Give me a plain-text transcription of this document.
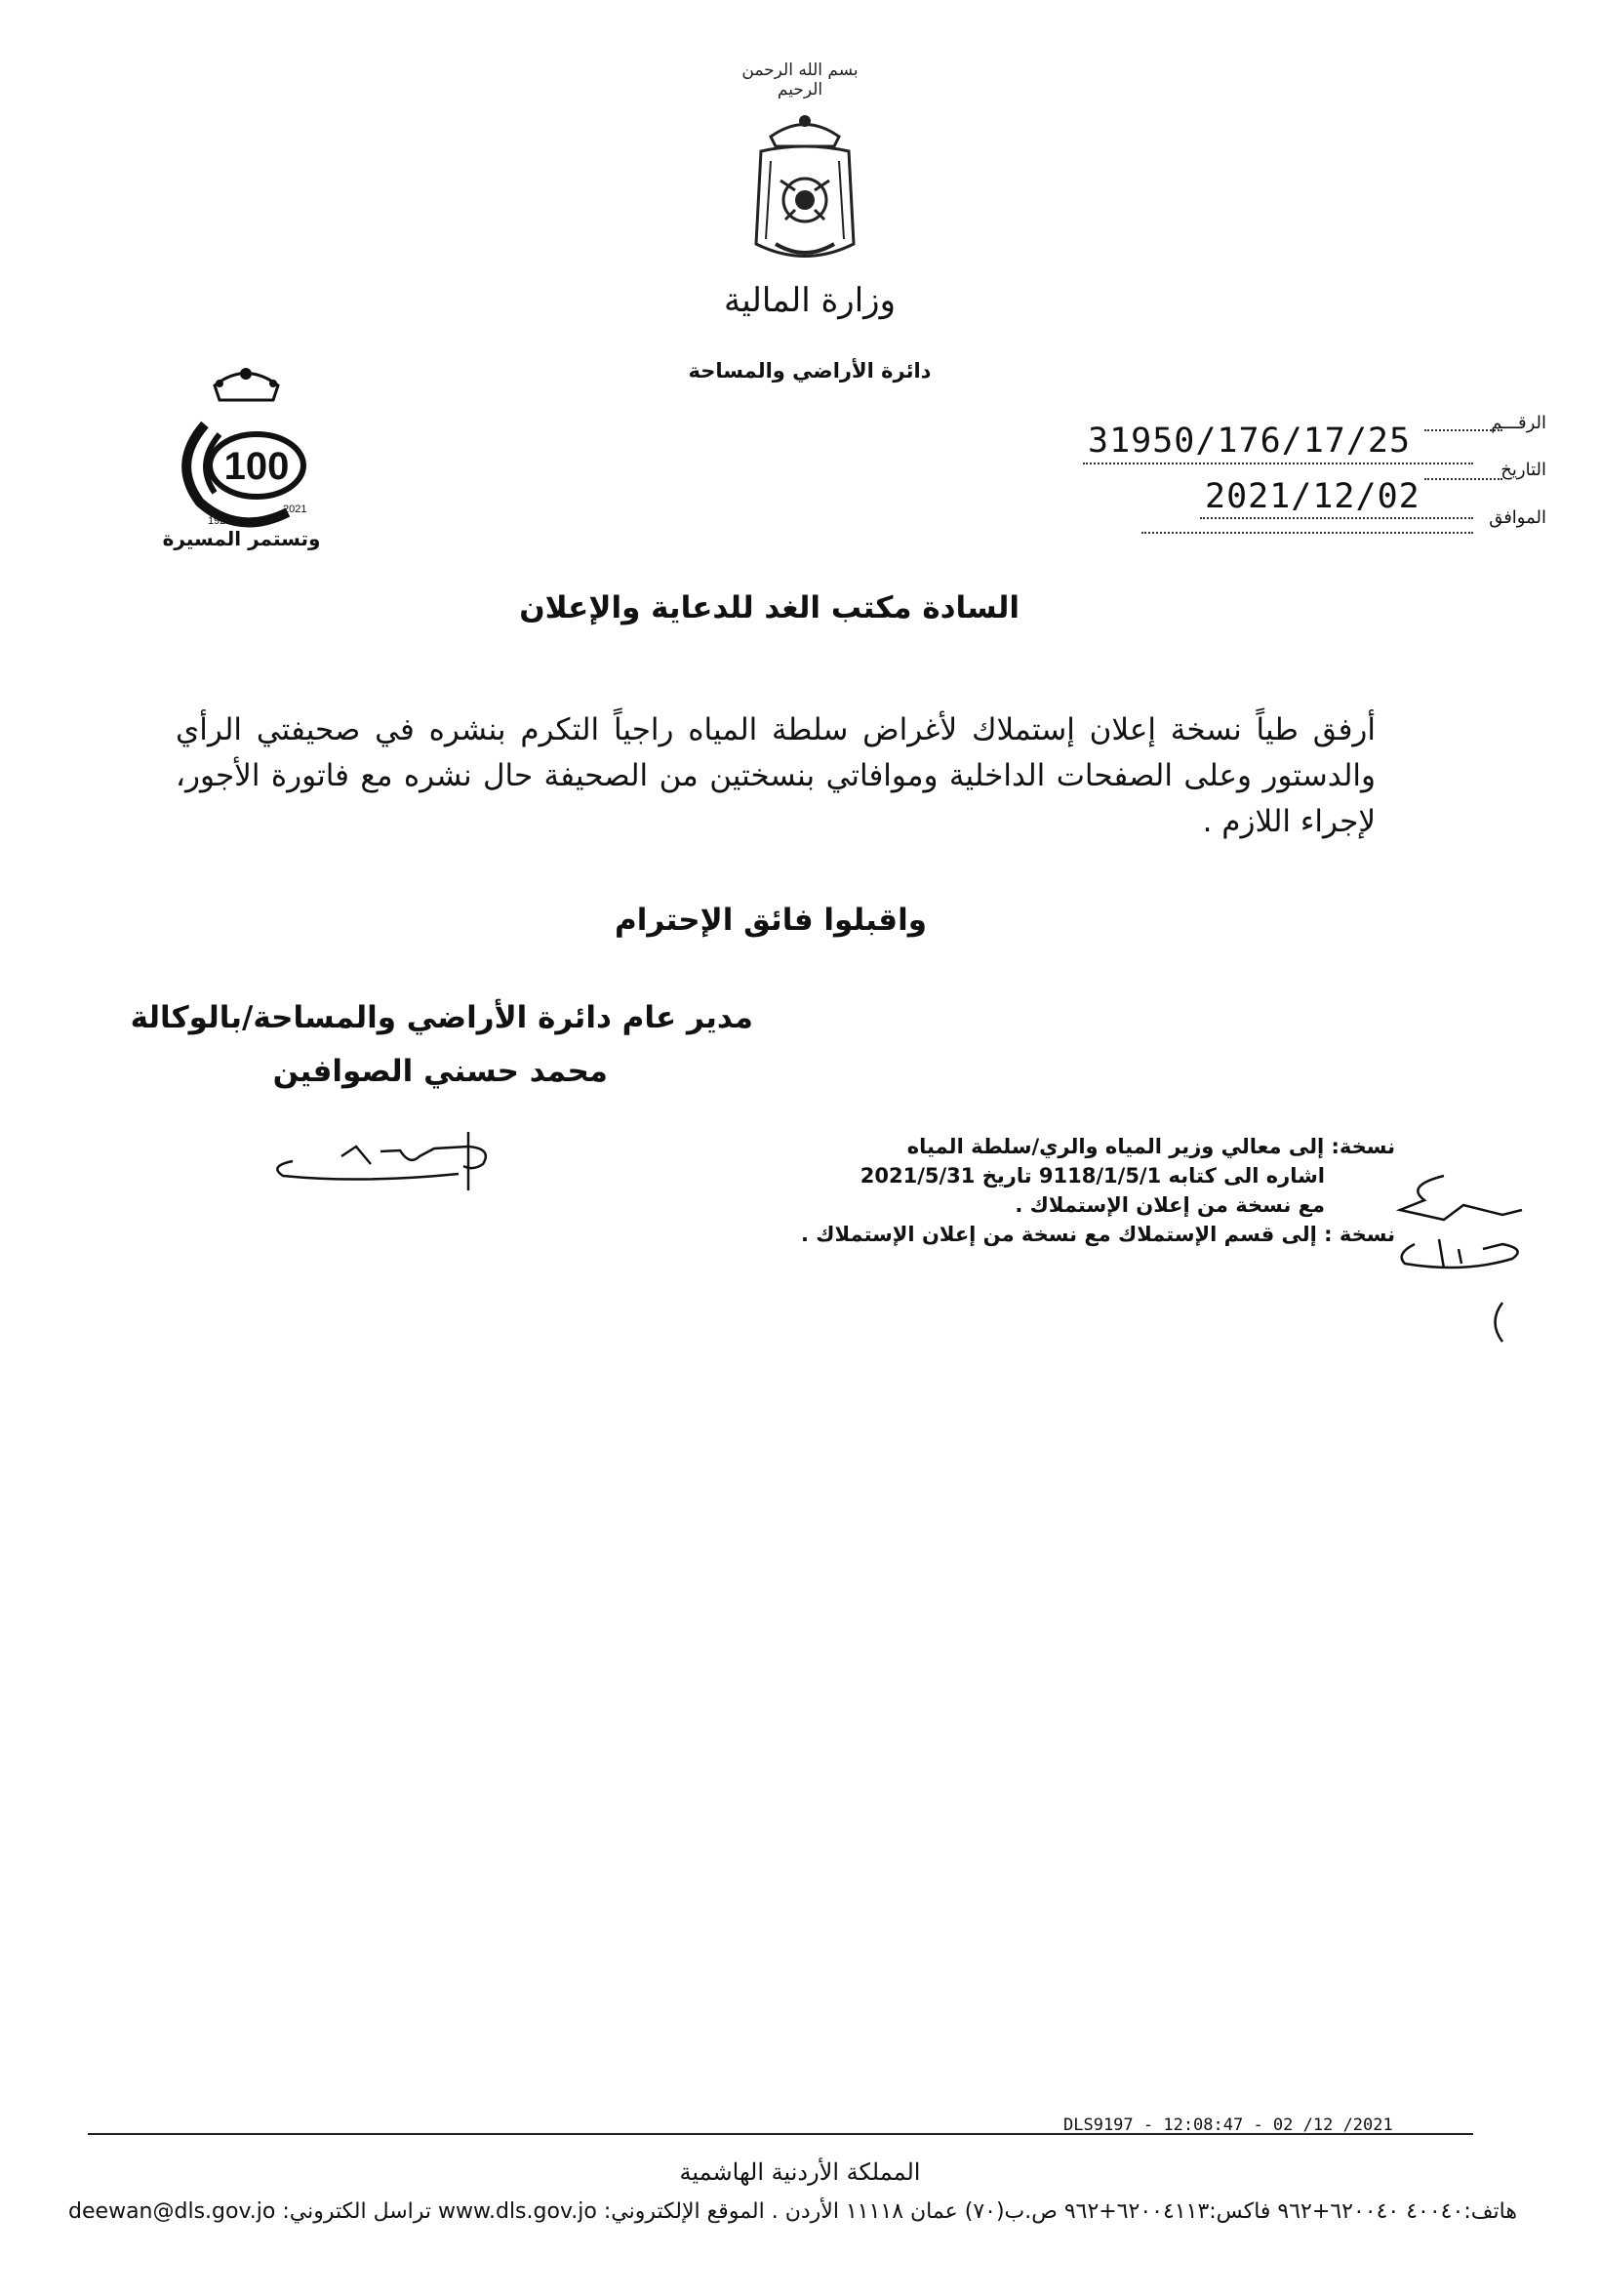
بسم الله الرحمن الرحيم
وزارة المالية
دائرة الأراضي والمساحة
100
1921
2021
وتستمر المسيرة
الرقـــم
التاريخ
الموافق
31950/176/17/25
2021/12/02
السادة مكتب الغد للدعاية والإعلان
أرفق طياً نسخة إعلان إستملاك لأغراض سلطة المياه راجياً التكرم بنشره في صحيفتي الرأي والدستور وعلى الصفحات الداخلية وموافاتي بنسختين من الصحيفة حال نشره مع فاتورة الأجور، لإجراء اللازم .
واقبلوا فائق الإحترام
مدير عام دائرة الأراضي والمساحة/بالوكالة
محمد حسني الصوافين
نسخة: إلى معالي وزير المياه والري/سلطة المياه
اشاره الى كتابه 9118/1/5/1 تاريخ 2021/5/31
مع نسخة من إعلان الإستملاك .
نسخة : إلى قسم الإستملاك مع نسخة من إعلان الإستملاك .
DLS9197 - 12:08:47 - 02 /12 /2021
المملكة الأردنية الهاشمية
هاتف:٤٠٠٤٠ ٦٢٠٠٤٠+٩٦٢ فاكس:٦٢٠٠٤١١٣+٩٦٢ ص.ب(٧٠) عمان ١١١١٨ الأردن . الموقع الإلكتروني: www.dls.gov.jo تراسل الكتروني: deewan@dls.gov.jo
